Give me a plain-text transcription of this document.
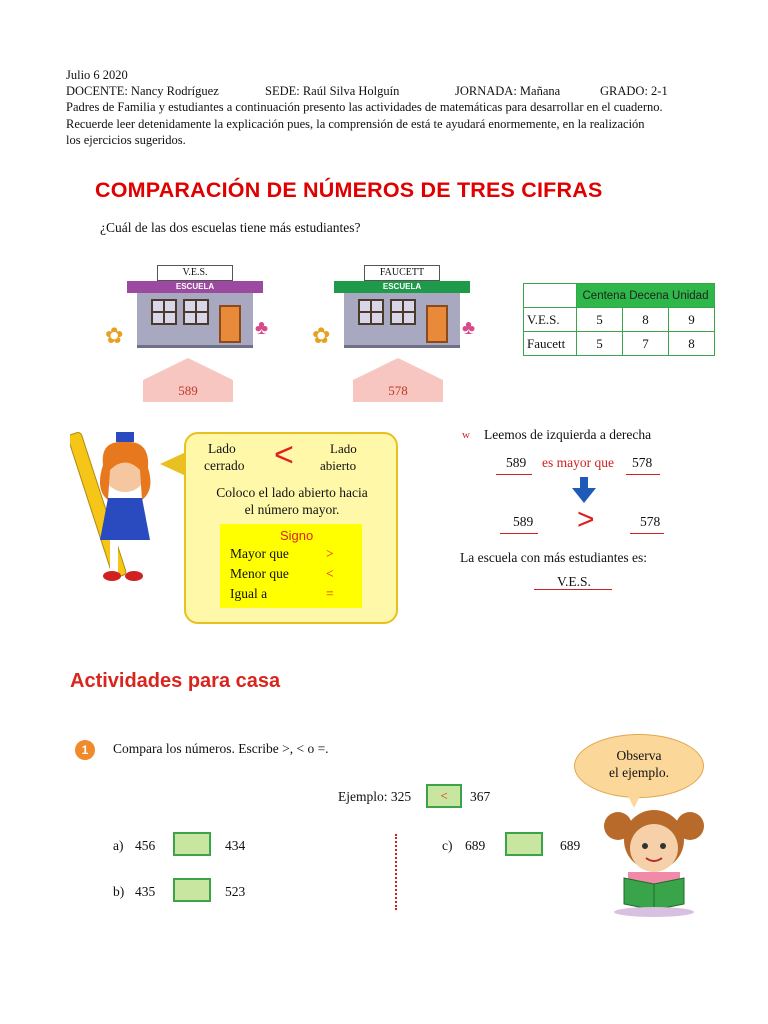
Julio 6 2020
DOCENTE: Nancy Rodríguez	SEDE: Raúl Silva Holguín	JORNADA: Mañana	GRADO: 2-1
Padres de Familia y estudiantes a continuación presento las actividades de matemáticas para desarrollar en el cuaderno.
Recuerde leer detenidamente la explicación pues, la comprensión de está te ayudará enormemente, en la realización
los ejercicios sugeridos.
COMPARACIÓN DE NÚMEROS DE TRES CIFRAS
¿Cuál de las dos escuelas tiene más estudiantes?
V.E.S.
ESCUELA
✿	♣
589
FAUCETT
ESCUELA
✿	♣
578
	Centena Decena Unidad		
V.E.S.	5	8	9
Faucett	5	7	8
Lado
cerrado <	Lado
abierto
Coloco el lado abierto hacia
el número mayor.
Signo
Mayor que	>
Menor que	<
Igual a	=
w Leemos de izquierda a derecha
589 es mayor que 578
589 >	578
La escuela con más estudiantes es:
V.E.S.
Actividades para casa
1	Compara los números. Escribe >, < o =.
Ejemplo: 325	<	367
a) 456	434
b) 435	523
c) 689	689
Observa
el ejemplo.
